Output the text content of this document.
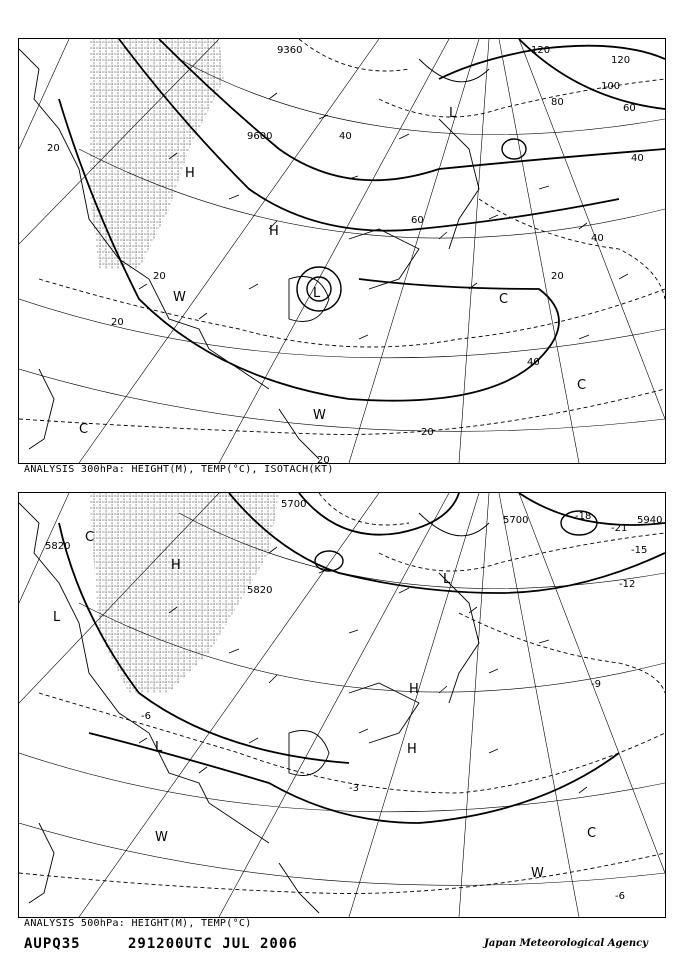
9360
9600
20
20
20
20
20
20
40
40
40
40
60
60
80
100
120
120
H
H
L
L
W
W
C
C
C
ANALYSIS 300hPa: HEIGHT(M), TEMP(°C), ISOTACH(KT)
5700
5820
5820
5700	5940
-3
-6
-6
-9
-12
-15
-18
-21
L
L
L
H
H
H
W
W
C
C
ANALYSIS 500hPa: HEIGHT(M), TEMP(°C)
AUPQ35	291200UTC JUL 2006	Japan Meteorological Agency
